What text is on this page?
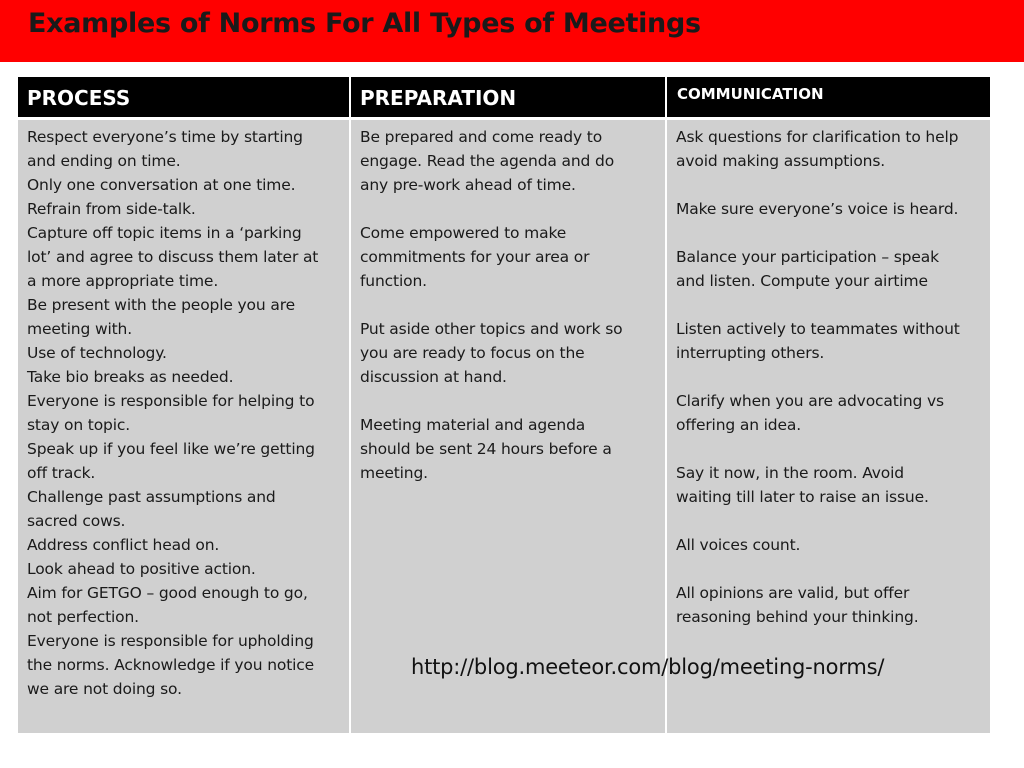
Examples of Norms For All Types of Meetings
PROCESS	PREPARATION	COMMUNICATION

Respect everyone’s time by starting

and ending on time.

Only one conversation at one time.

Refrain from side-talk.

Capture off topic items in a ‘parking

lot’ and agree to discuss them later at

a more appropriate time.

Be present with the people you are

meeting with.

Use of technology.

Take bio breaks as needed.

Everyone is responsible for helping to

stay on topic.

Speak up if you feel like we’re getting

off track.

Challenge past assumptions and

sacred cows.

Address conflict head on.

Look ahead to positive action.

Aim for GETGO – good enough to go,

not perfection.

Everyone is responsible for upholding

the norms. Acknowledge if you notice

we are not doing so.

Be prepared and come ready to

engage. Read the agenda and do

any pre-work ahead of time.

Come empowered to make

commitments for your area or

function.

Put aside other topics and work so

you are ready to focus on the

discussion at hand.

Meeting material and agenda

should be sent 24 hours before a

meeting.

Ask questions for clarification to help

avoid making assumptions.

Make sure everyone’s voice is heard.

Balance your participation – speak

and listen. Compute your airtime

Listen actively to teammates without

interrupting others.

Clarify when you are advocating vs

offering an idea.

Say it now, in the room. Avoid

waiting till later to raise an issue.

All voices count.

All opinions are valid, but offer

reasoning behind your thinking.

http://blog.meeteor.com/blog/meeting-norms/
